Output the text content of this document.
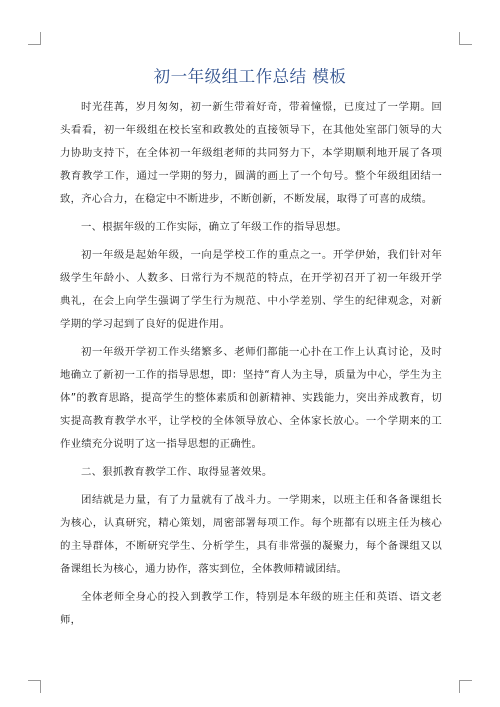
初一年级组工作总结 模板

时光荏苒，岁月匆匆，初一新生带着好奇，带着憧憬，已度过了一学期。回头看看，初一年级组在校长室和政教处的直接领导下，在其他处室部门领导的大力协助支持下，在全体初一年级组老师的共同努力下，本学期顺利地开展了各项教育教学工作，通过一学期的努力，圆满的画上了一个句号。整个年级组团结一致，齐心合力，在稳定中不断进步，不断创新，不断发展，取得了可喜的成绩。

一、根据年级的工作实际，确立了年级工作的指导思想。

初一年级是起始年级，一向是学校工作的重点之一。开学伊始，我们针对年级学生年龄小、人数多、日常行为不规范的特点，在开学初召开了初一年级开学典礼，在会上向学生强调了学生行为规范、中小学差别、学生的纪律观念，对新学期的学习起到了良好的促进作用。

初一年级开学初工作头绪繁多、老师们都能一心扑在工作上认真讨论，及时地确立了新初一工作的指导思想，即：坚持“育人为主导，质量为中心，学生为主体”的教育思路，提高学生的整体素质和创新精神、实践能力，突出养成教育，切实提高教育教学水平，让学校的全体领导放心、全体家长放心。一个学期来的工作业绩充分说明了这一指导思想的正确性。

二、狠抓教育教学工作、取得显著效果。

团结就是力量，有了力量就有了战斗力。一学期来，以班主任和各备课组长为核心，认真研究，精心策划，周密部署每项工作。每个班都有以班主任为核心的主导群体，不断研究学生、分析学生，具有非常强的凝聚力，每个备课组又以备课组长为核心，通力协作，落实到位，全体教师精诚团结。

全体老师全身心的投入到教学工作，特别是本年级的班主任和英语、语文老师，
